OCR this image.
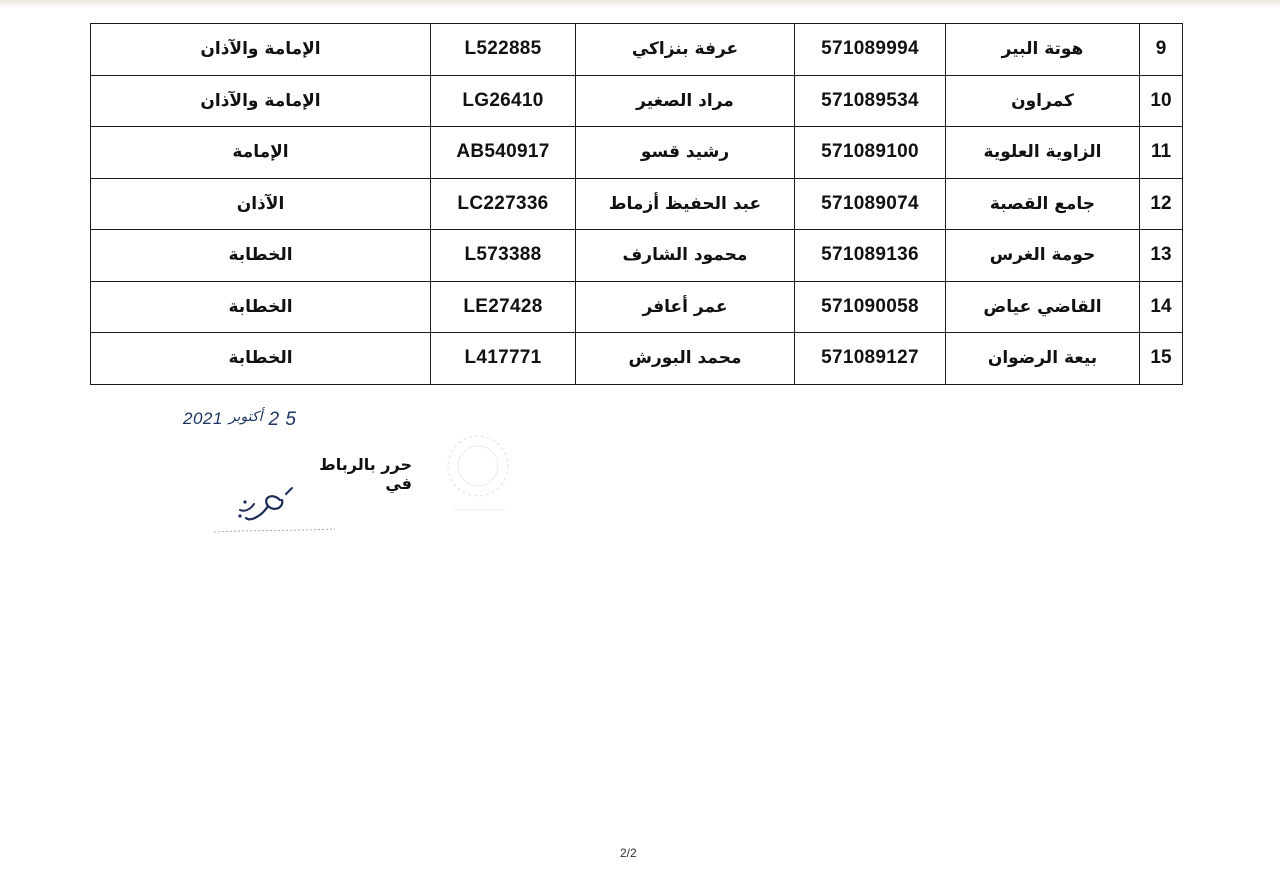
9	هوتة البير	571089994	عرفة بنزاكي	L522885	الإمامة والآذان
10	كمراون	571089534	مراد الصغير	LG26410	الإمامة والآذان
11	الزاوية العلوية	571089100	رشيد قسو	AB540917	الإمامة
12	جامع القصبة	571089074	عبد الحفيظ أزماط	LC227336	الآذان
13	حومة الغرس	571089136	محمود الشارف	L573388	الخطابة
14	القاضي عياض	571090058	عمر أعافر	LE27428	الخطابة
15	بيعة الرضوان	571089127	محمد البورش	L417771	الخطابة
2021 أكتوبر 2 5
حرر بالرباط في
2/2
